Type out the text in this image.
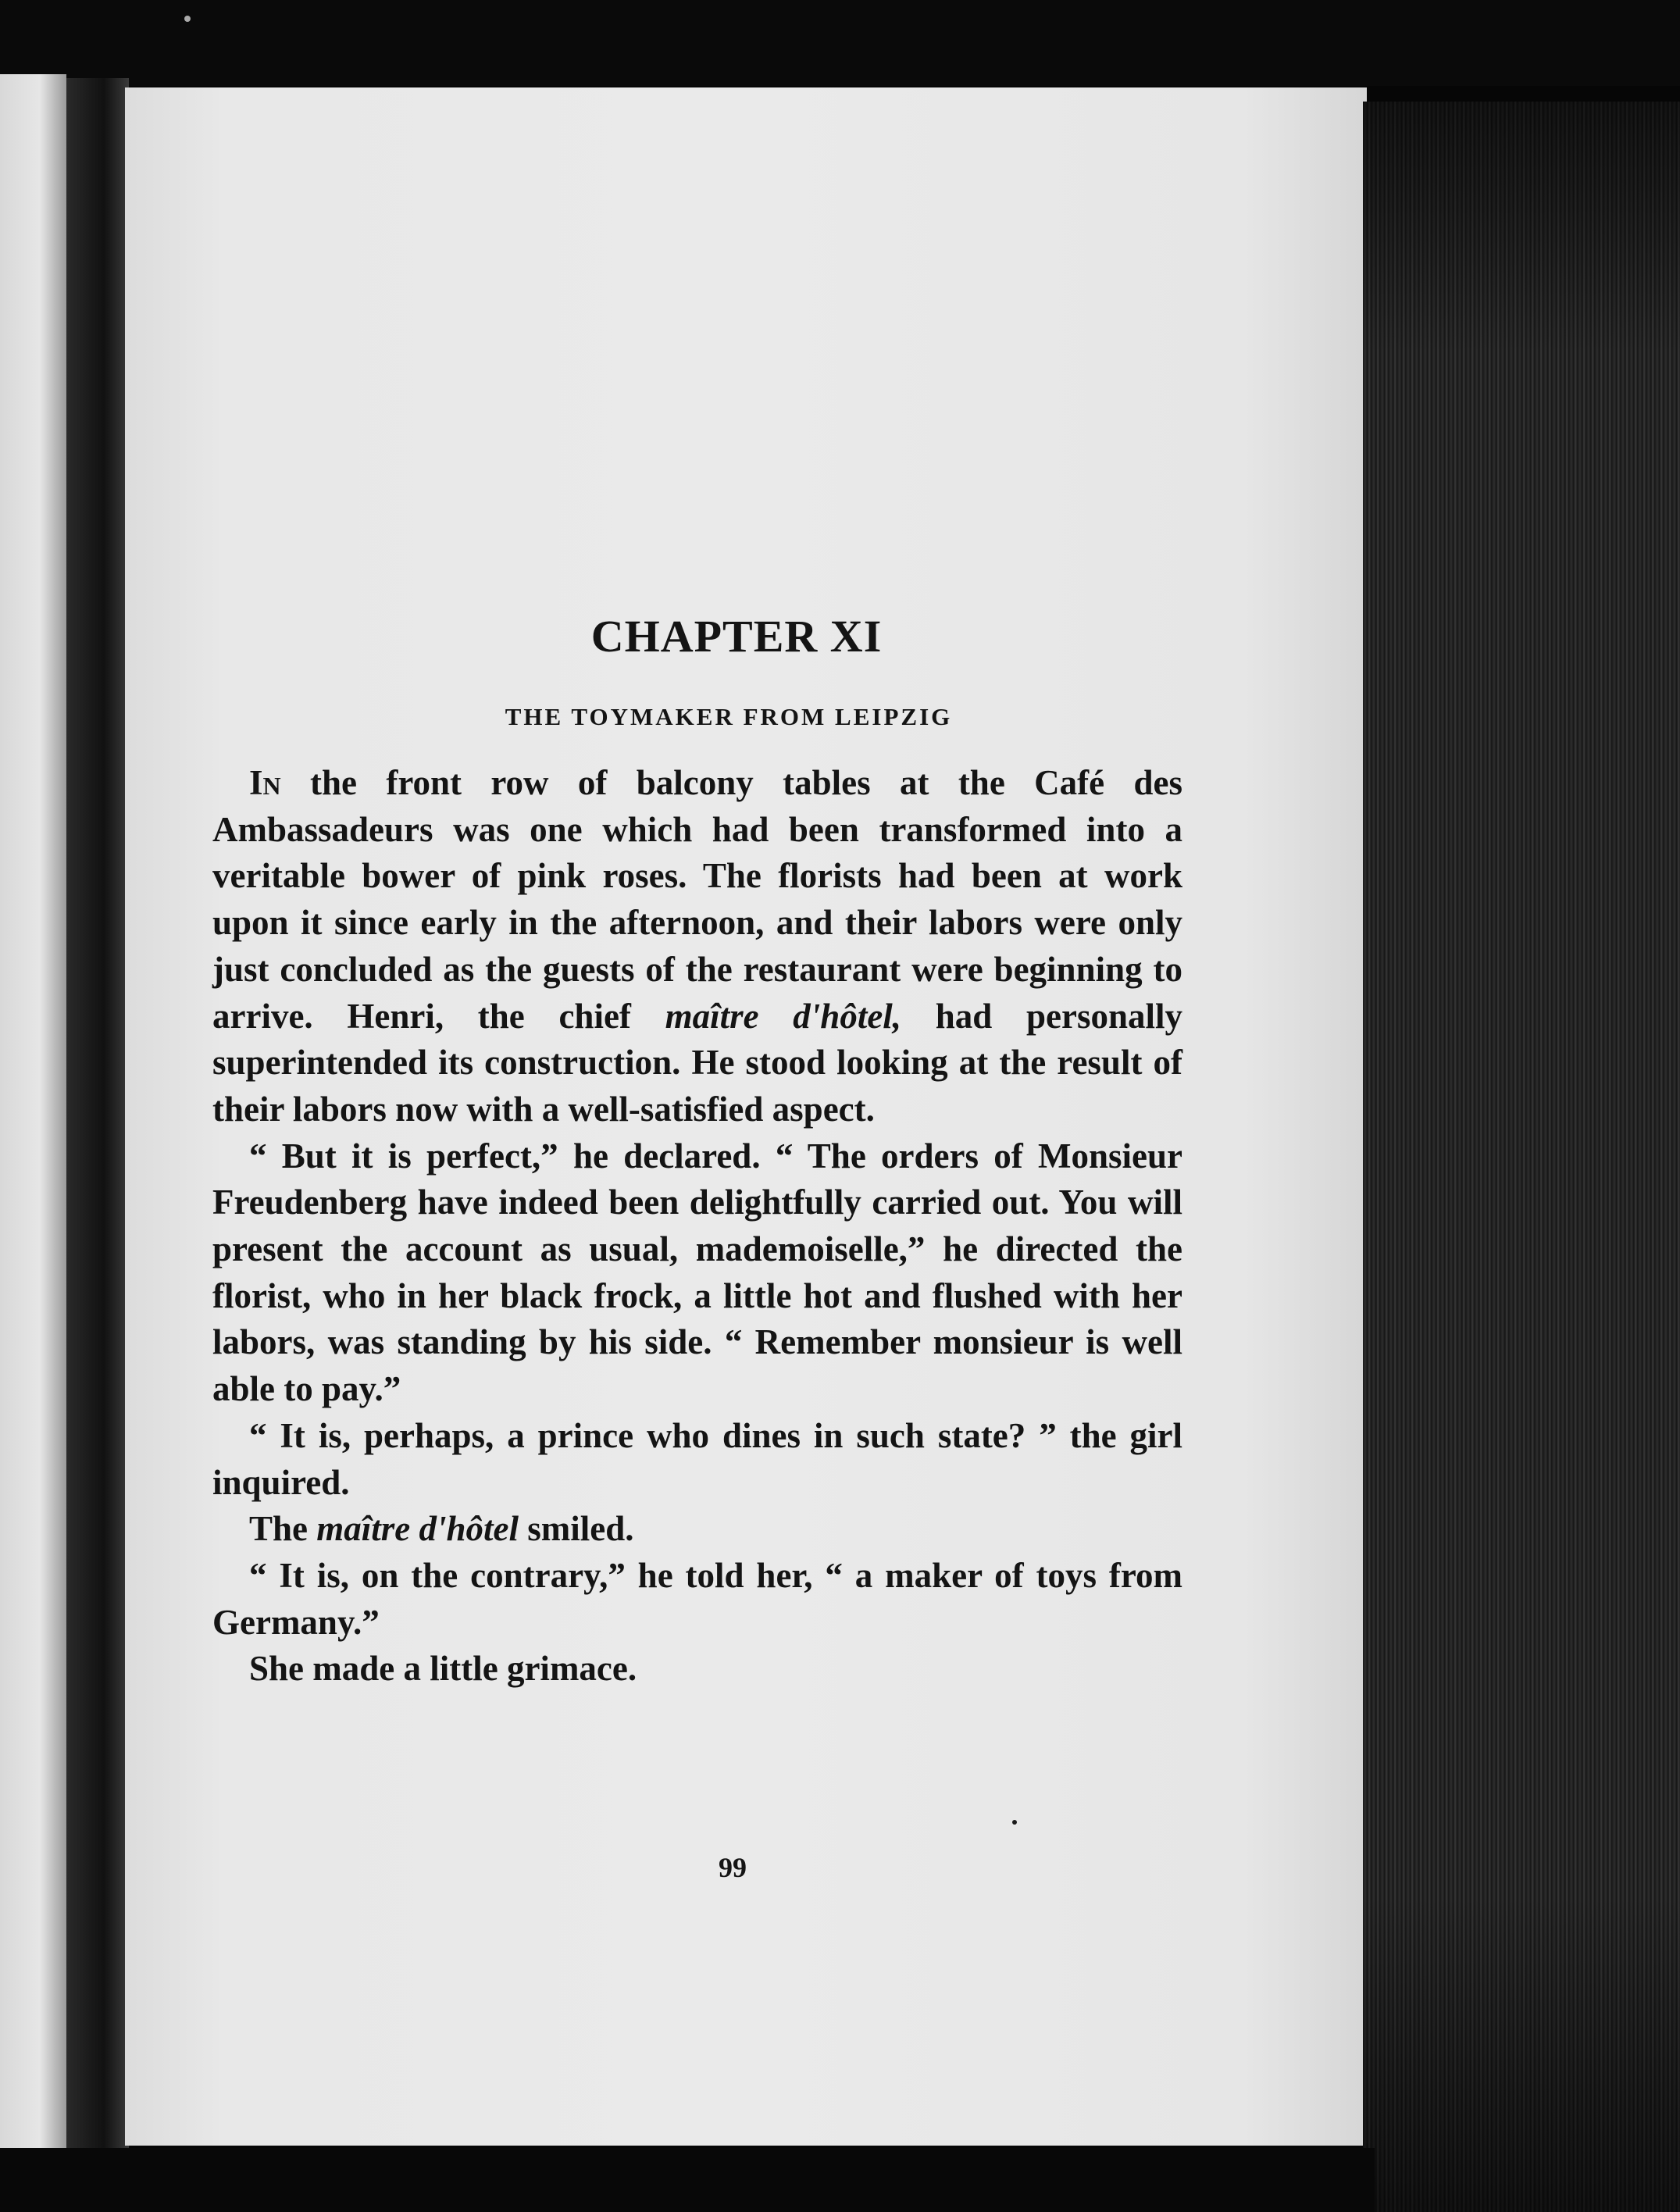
CHAPTER XI
THE TOYMAKER FROM LEIPZIG

In the front row of balcony tables at the Café des Ambassadeurs was one which had been transformed into a veritable bower of pink roses. The florists had been at work upon it since early in the afternoon, and their labors were only just concluded as the guests of the restaurant were beginning to arrive. Henri, the chief maître d'hôtel, had personally superintended its construction. He stood looking at the result of their labors now with a well-satisfied aspect.

“ But it is perfect,” he declared. “ The orders of Monsieur Freudenberg have indeed been delightfully carried out. You will present the account as usual, mademoiselle,” he directed the florist, who in her black frock, a little hot and flushed with her labors, was standing by his side. “ Remember monsieur is well able to pay.”

“ It is, perhaps, a prince who dines in such state? ” the girl inquired.

The maître d'hôtel smiled.

“ It is, on the contrary,” he told her, “ a maker of toys from Germany.”

She made a little grimace.

99
